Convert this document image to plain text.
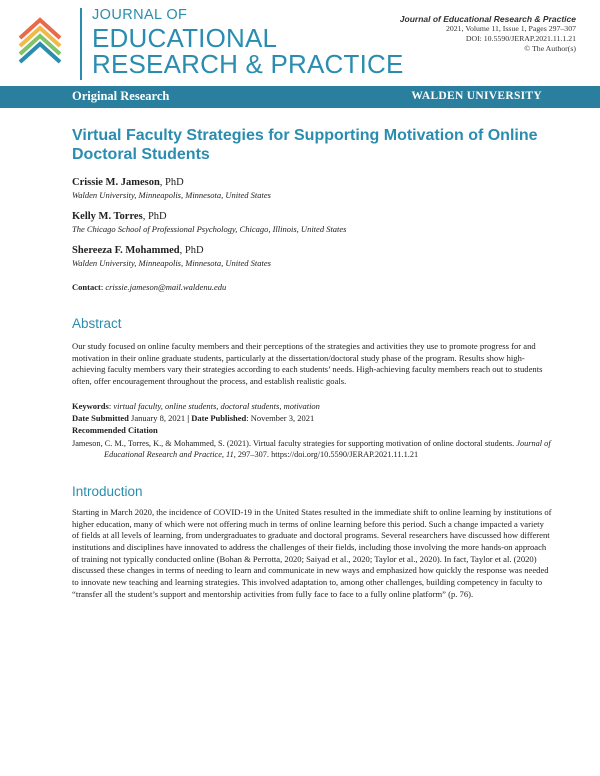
JOURNAL OF
EDUCATIONAL
RESEARCH & PRACTICE
Journal of Educational Research & Practice
2021, Volume 11, Issue 1, Pages 297–307
DOI: 10.5590/JERAP.2021.11.1.21
© The Author(s)
Original Research	WALDEN UNIVERSITY
Virtual Faculty Strategies for Supporting Motivation of Online Doctoral Students
Crissie M. Jameson, PhD
Walden University, Minneapolis, Minnesota, United States
Kelly M. Torres, PhD
The Chicago School of Professional Psychology, Chicago, Illinois, United States
Shereeza F. Mohammed, PhD
Walden University, Minneapolis, Minnesota, United States
Contact: crissie.jameson@mail.waldenu.edu
Abstract
Our study focused on online faculty members and their perceptions of the strategies and activities they use to promote progress for and motivation in their online graduate students, particularly at the dissertation/doctoral study phase of the program. Results show high-achieving faculty members vary their strategies according to each students’ needs. High-achieving faculty members reach out to students often, offer encouragement throughout the process, and establish realistic goals.
Keywords: virtual faculty, online students, doctoral students, motivation
Date Submitted January 8, 2021 | Date Published: November 3, 2021
Recommended Citation
Jameson, C. M., Torres, K., & Mohammed, S. (2021). Virtual faculty strategies for supporting motivation of online doctoral students. Journal of Educational Research and Practice, 11, 297–307. https://doi.org/10.5590/JERAP.2021.11.1.21
Introduction
Starting in March 2020, the incidence of COVID-19 in the United States resulted in the immediate shift to online learning by institutions of higher education, many of which were not offering much in terms of online learning before this period. Such a change impacted a variety of fields at all levels of learning, from undergraduates to graduate and doctoral programs. Several researchers have discussed how different institutions and disciplines have innovated to address the challenges of their fields, including those involving the more hands-on approach of training not typically conducted online (Bohan & Perrotta, 2020; Saiyad et al., 2020; Taylor et al., 2020). In fact, Taylor et al. (2020) discussed these changes in terms of needing to learn and communicate in new ways and emphasized how quickly the response was needed to innovate new teaching and learning strategies. This involved adaptation to, among other challenges, building competency in faculty to “transfer all the student’s support and mentorship activities from fully face to face to a fully online platform” (p. 76).
